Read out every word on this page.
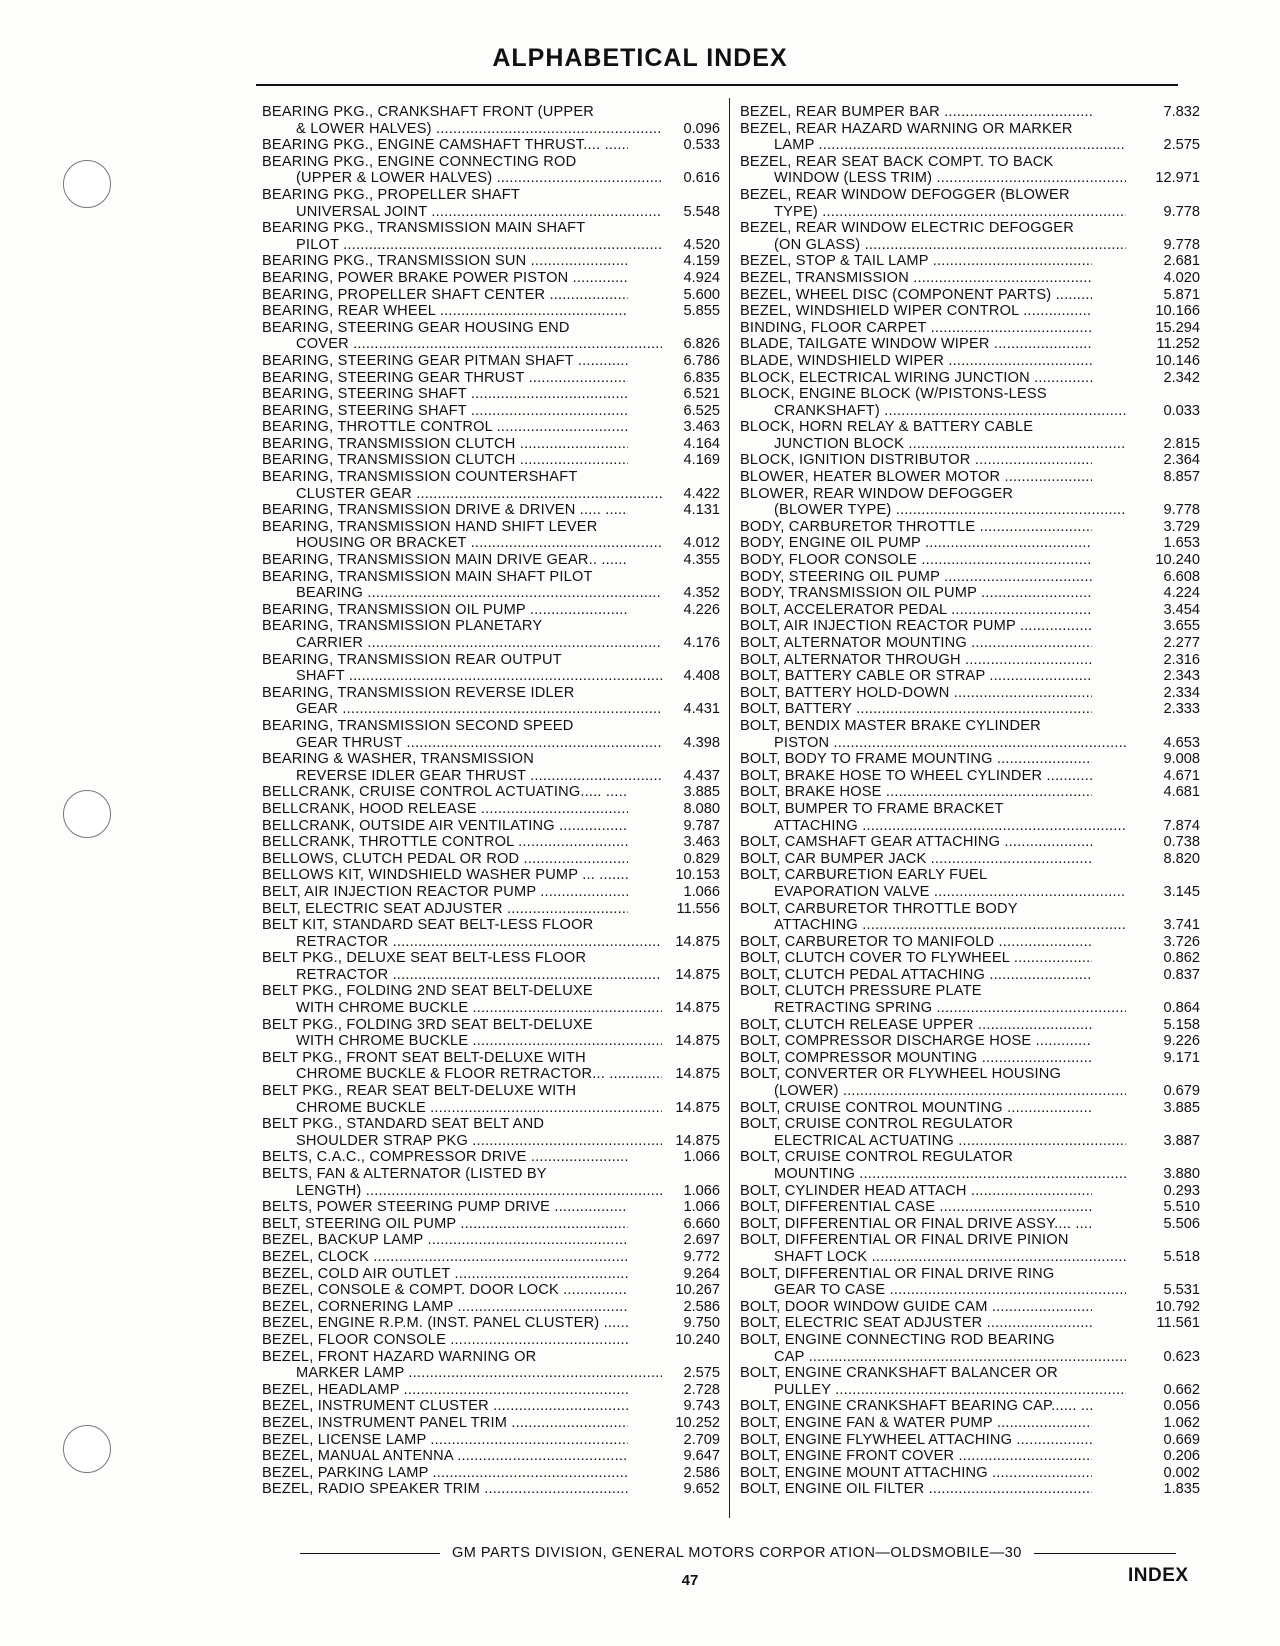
ALPHABETICAL INDEX
BEARING PKG., CRANKSHAFT FRONT (UPPER
& LOWER HALVES) .....	0.096
BEARING PKG., ENGINE CAMSHAFT THRUST.... .....	0.533
BEARING PKG., ENGINE CONNECTING ROD
(UPPER & LOWER HALVES) .....	0.616
BEARING PKG., PROPELLER SHAFT
UNIVERSAL JOINT .....	5.548
BEARING PKG., TRANSMISSION MAIN SHAFT
PILOT .....	4.520
BEARING PKG., TRANSMISSION SUN .....	4.159
BEARING, POWER BRAKE POWER PISTON .....	4.924
BEARING, PROPELLER SHAFT CENTER .....	5.600
BEARING, REAR WHEEL .....	5.855
BEARING, STEERING GEAR HOUSING END
COVER .....	6.826
BEARING, STEERING GEAR PITMAN SHAFT .....	6.786
BEARING, STEERING GEAR THRUST .....	6.835
BEARING, STEERING SHAFT .....	6.521
BEARING, STEERING SHAFT .....	6.525
BEARING, THROTTLE CONTROL .....	3.463
BEARING, TRANSMISSION CLUTCH .....	4.164
BEARING, TRANSMISSION CLUTCH .....	4.169
BEARING, TRANSMISSION COUNTERSHAFT
CLUSTER GEAR .....	4.422
BEARING, TRANSMISSION DRIVE & DRIVEN ..... .....	4.131
BEARING, TRANSMISSION HAND SHIFT LEVER
HOUSING OR BRACKET .....	4.012
BEARING, TRANSMISSION MAIN DRIVE GEAR.. .....	4.355
BEARING, TRANSMISSION MAIN SHAFT PILOT
BEARING .....	4.352
BEARING, TRANSMISSION OIL PUMP .....	4.226
BEARING, TRANSMISSION PLANETARY
CARRIER .....	4.176
BEARING, TRANSMISSION REAR OUTPUT
SHAFT .....	4.408
BEARING, TRANSMISSION REVERSE IDLER
GEAR .....	4.431
BEARING, TRANSMISSION SECOND SPEED
GEAR THRUST .....	4.398
BEARING & WASHER, TRANSMISSION
REVERSE IDLER GEAR THRUST .....	4.437
BELLCRANK, CRUISE CONTROL ACTUATING..... .....	3.885
BELLCRANK, HOOD RELEASE .....	8.080
BELLCRANK, OUTSIDE AIR VENTILATING .....	9.787
BELLCRANK, THROTTLE CONTROL .....	3.463
BELLOWS, CLUTCH PEDAL OR ROD .....	0.829
BELLOWS KIT, WINDSHIELD WASHER PUMP ... .....	10.153
BELT, AIR INJECTION REACTOR PUMP .....	1.066
BELT, ELECTRIC SEAT ADJUSTER .....	11.556
BELT KIT, STANDARD SEAT BELT-LESS FLOOR
RETRACTOR .....	14.875
BELT PKG., DELUXE SEAT BELT-LESS FLOOR
RETRACTOR .....	14.875
BELT PKG., FOLDING 2ND SEAT BELT-DELUXE
WITH CHROME BUCKLE .....	14.875
BELT PKG., FOLDING 3RD SEAT BELT-DELUXE
WITH CHROME BUCKLE .....	14.875
BELT PKG., FRONT SEAT BELT-DELUXE WITH
CHROME BUCKLE & FLOOR RETRACTOR... .....	14.875
BELT PKG., REAR SEAT BELT-DELUXE WITH
CHROME BUCKLE .....	14.875
BELT PKG., STANDARD SEAT BELT AND
SHOULDER STRAP PKG .....	14.875
BELTS, C.A.C., COMPRESSOR DRIVE .....	1.066
BELTS, FAN & ALTERNATOR (LISTED BY
LENGTH) .....	1.066
BELTS, POWER STEERING PUMP DRIVE .....	1.066
BELT, STEERING OIL PUMP .....	6.660
BEZEL, BACKUP LAMP .....	2.697
BEZEL, CLOCK .....	9.772
BEZEL, COLD AIR OUTLET .....	9.264
BEZEL, CONSOLE & COMPT. DOOR LOCK .....	10.267
BEZEL, CORNERING LAMP .....	2.586
BEZEL, ENGINE R.P.M. (INST. PANEL CLUSTER) .....	9.750
BEZEL, FLOOR CONSOLE .....	10.240
BEZEL, FRONT HAZARD WARNING OR
MARKER LAMP .....	2.575
BEZEL, HEADLAMP .....	2.728
BEZEL, INSTRUMENT CLUSTER .....	9.743
BEZEL, INSTRUMENT PANEL TRIM .....	10.252
BEZEL, LICENSE LAMP .....	2.709
BEZEL, MANUAL ANTENNA .....	9.647
BEZEL, PARKING LAMP .....	2.586
BEZEL, RADIO SPEAKER TRIM .....	9.652
BEZEL, REAR BUMPER BAR .....	7.832
BEZEL, REAR HAZARD WARNING OR MARKER
LAMP .....	2.575
BEZEL, REAR SEAT BACK COMPT. TO BACK
WINDOW (LESS TRIM) .....	12.971
BEZEL, REAR WINDOW DEFOGGER (BLOWER
TYPE) .....	9.778
BEZEL, REAR WINDOW ELECTRIC DEFOGGER
(ON GLASS) .....	9.778
BEZEL, STOP & TAIL LAMP .....	2.681
BEZEL, TRANSMISSION .....	4.020
BEZEL, WHEEL DISC (COMPONENT PARTS) .....	5.871
BEZEL, WINDSHIELD WIPER CONTROL .....	10.166
BINDING, FLOOR CARPET .....	15.294
BLADE, TAILGATE WINDOW WIPER .....	11.252
BLADE, WINDSHIELD WIPER .....	10.146
BLOCK, ELECTRICAL WIRING JUNCTION .....	2.342
BLOCK, ENGINE BLOCK (W/PISTONS-LESS
CRANKSHAFT) .....	0.033
BLOCK, HORN RELAY & BATTERY CABLE
JUNCTION BLOCK .....	2.815
BLOCK, IGNITION DISTRIBUTOR .....	2.364
BLOWER, HEATER BLOWER MOTOR .....	8.857
BLOWER, REAR WINDOW DEFOGGER
(BLOWER TYPE) .....	9.778
BODY, CARBURETOR THROTTLE .....	3.729
BODY, ENGINE OIL PUMP .....	1.653
BODY, FLOOR CONSOLE .....	10.240
BODY, STEERING OIL PUMP .....	6.608
BODY, TRANSMISSION OIL PUMP .....	4.224
BOLT, ACCELERATOR PEDAL .....	3.454
BOLT, AIR INJECTION REACTOR PUMP .....	3.655
BOLT, ALTERNATOR MOUNTING .....	2.277
BOLT, ALTERNATOR THROUGH .....	2.316
BOLT, BATTERY CABLE OR STRAP .....	2.343
BOLT, BATTERY HOLD-DOWN .....	2.334
BOLT, BATTERY .....	2.333
BOLT, BENDIX MASTER BRAKE CYLINDER
PISTON .....	4.653
BOLT, BODY TO FRAME MOUNTING .....	9.008
BOLT, BRAKE HOSE TO WHEEL CYLINDER .....	4.671
BOLT, BRAKE HOSE .....	4.681
BOLT, BUMPER TO FRAME BRACKET
ATTACHING .....	7.874
BOLT, CAMSHAFT GEAR ATTACHING .....	0.738
BOLT, CAR BUMPER JACK .....	8.820
BOLT, CARBURETION EARLY FUEL
EVAPORATION VALVE .....	3.145
BOLT, CARBURETOR THROTTLE BODY
ATTACHING .....	3.741
BOLT, CARBURETOR TO MANIFOLD .....	3.726
BOLT, CLUTCH COVER TO FLYWHEEL .....	0.862
BOLT, CLUTCH PEDAL ATTACHING .....	0.837
BOLT, CLUTCH PRESSURE PLATE
RETRACTING SPRING .....	0.864
BOLT, CLUTCH RELEASE UPPER .....	5.158
BOLT, COMPRESSOR DISCHARGE HOSE .....	9.226
BOLT, COMPRESSOR MOUNTING .....	9.171
BOLT, CONVERTER OR FLYWHEEL HOUSING
(LOWER) .....	0.679
BOLT, CRUISE CONTROL MOUNTING .....	3.885
BOLT, CRUISE CONTROL REGULATOR
ELECTRICAL ACTUATING .....	3.887
BOLT, CRUISE CONTROL REGULATOR
MOUNTING .....	3.880
BOLT, CYLINDER HEAD ATTACH .....	0.293
BOLT, DIFFERENTIAL CASE .....	5.510
BOLT, DIFFERENTIAL OR FINAL DRIVE ASSY.... .....	5.506
BOLT, DIFFERENTIAL OR FINAL DRIVE PINION
SHAFT LOCK .....	5.518
BOLT, DIFFERENTIAL OR FINAL DRIVE RING
GEAR TO CASE .....	5.531
BOLT, DOOR WINDOW GUIDE CAM .....	10.792
BOLT, ELECTRIC SEAT ADJUSTER .....	11.561
BOLT, ENGINE CONNECTING ROD BEARING
CAP .....	0.623
BOLT, ENGINE CRANKSHAFT BALANCER OR
PULLEY .....	0.662
BOLT, ENGINE CRANKSHAFT BEARING CAP...... .....	0.056
BOLT, ENGINE FAN & WATER PUMP .....	1.062
BOLT, ENGINE FLYWHEEL ATTACHING .....	0.669
BOLT, ENGINE FRONT COVER .....	0.206
BOLT, ENGINE MOUNT ATTACHING .....	0.002
BOLT, ENGINE OIL FILTER .....	1.835
GM PARTS DIVISION, GENERAL MOTORS CORPOR ATION—OLDSMOBILE—30
47	INDEX
